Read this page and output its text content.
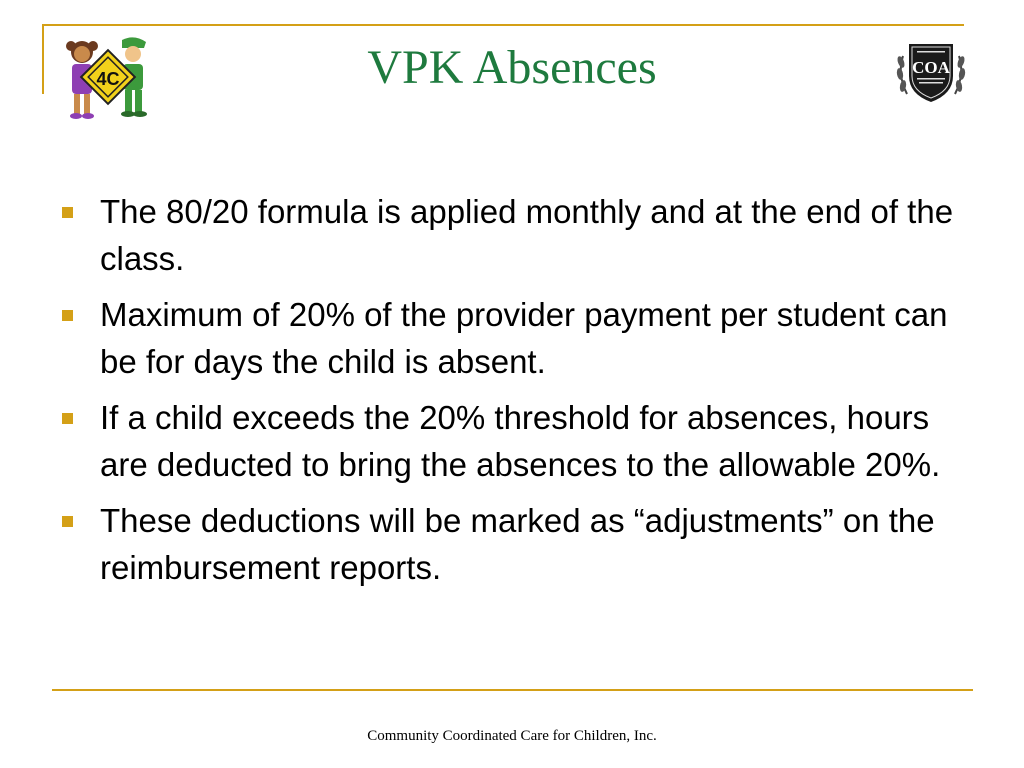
4C	VPK Absences	COA
The 80/20 formula is applied monthly and at the end of the class.
Maximum of 20% of the provider payment per student can be for days the child is absent.
If a child exceeds the 20% threshold for absences, hours are deducted to bring the absences to the allowable 20%.
These deductions will be marked as “adjustments” on the reimbursement reports.
Community Coordinated Care for Children, Inc.
